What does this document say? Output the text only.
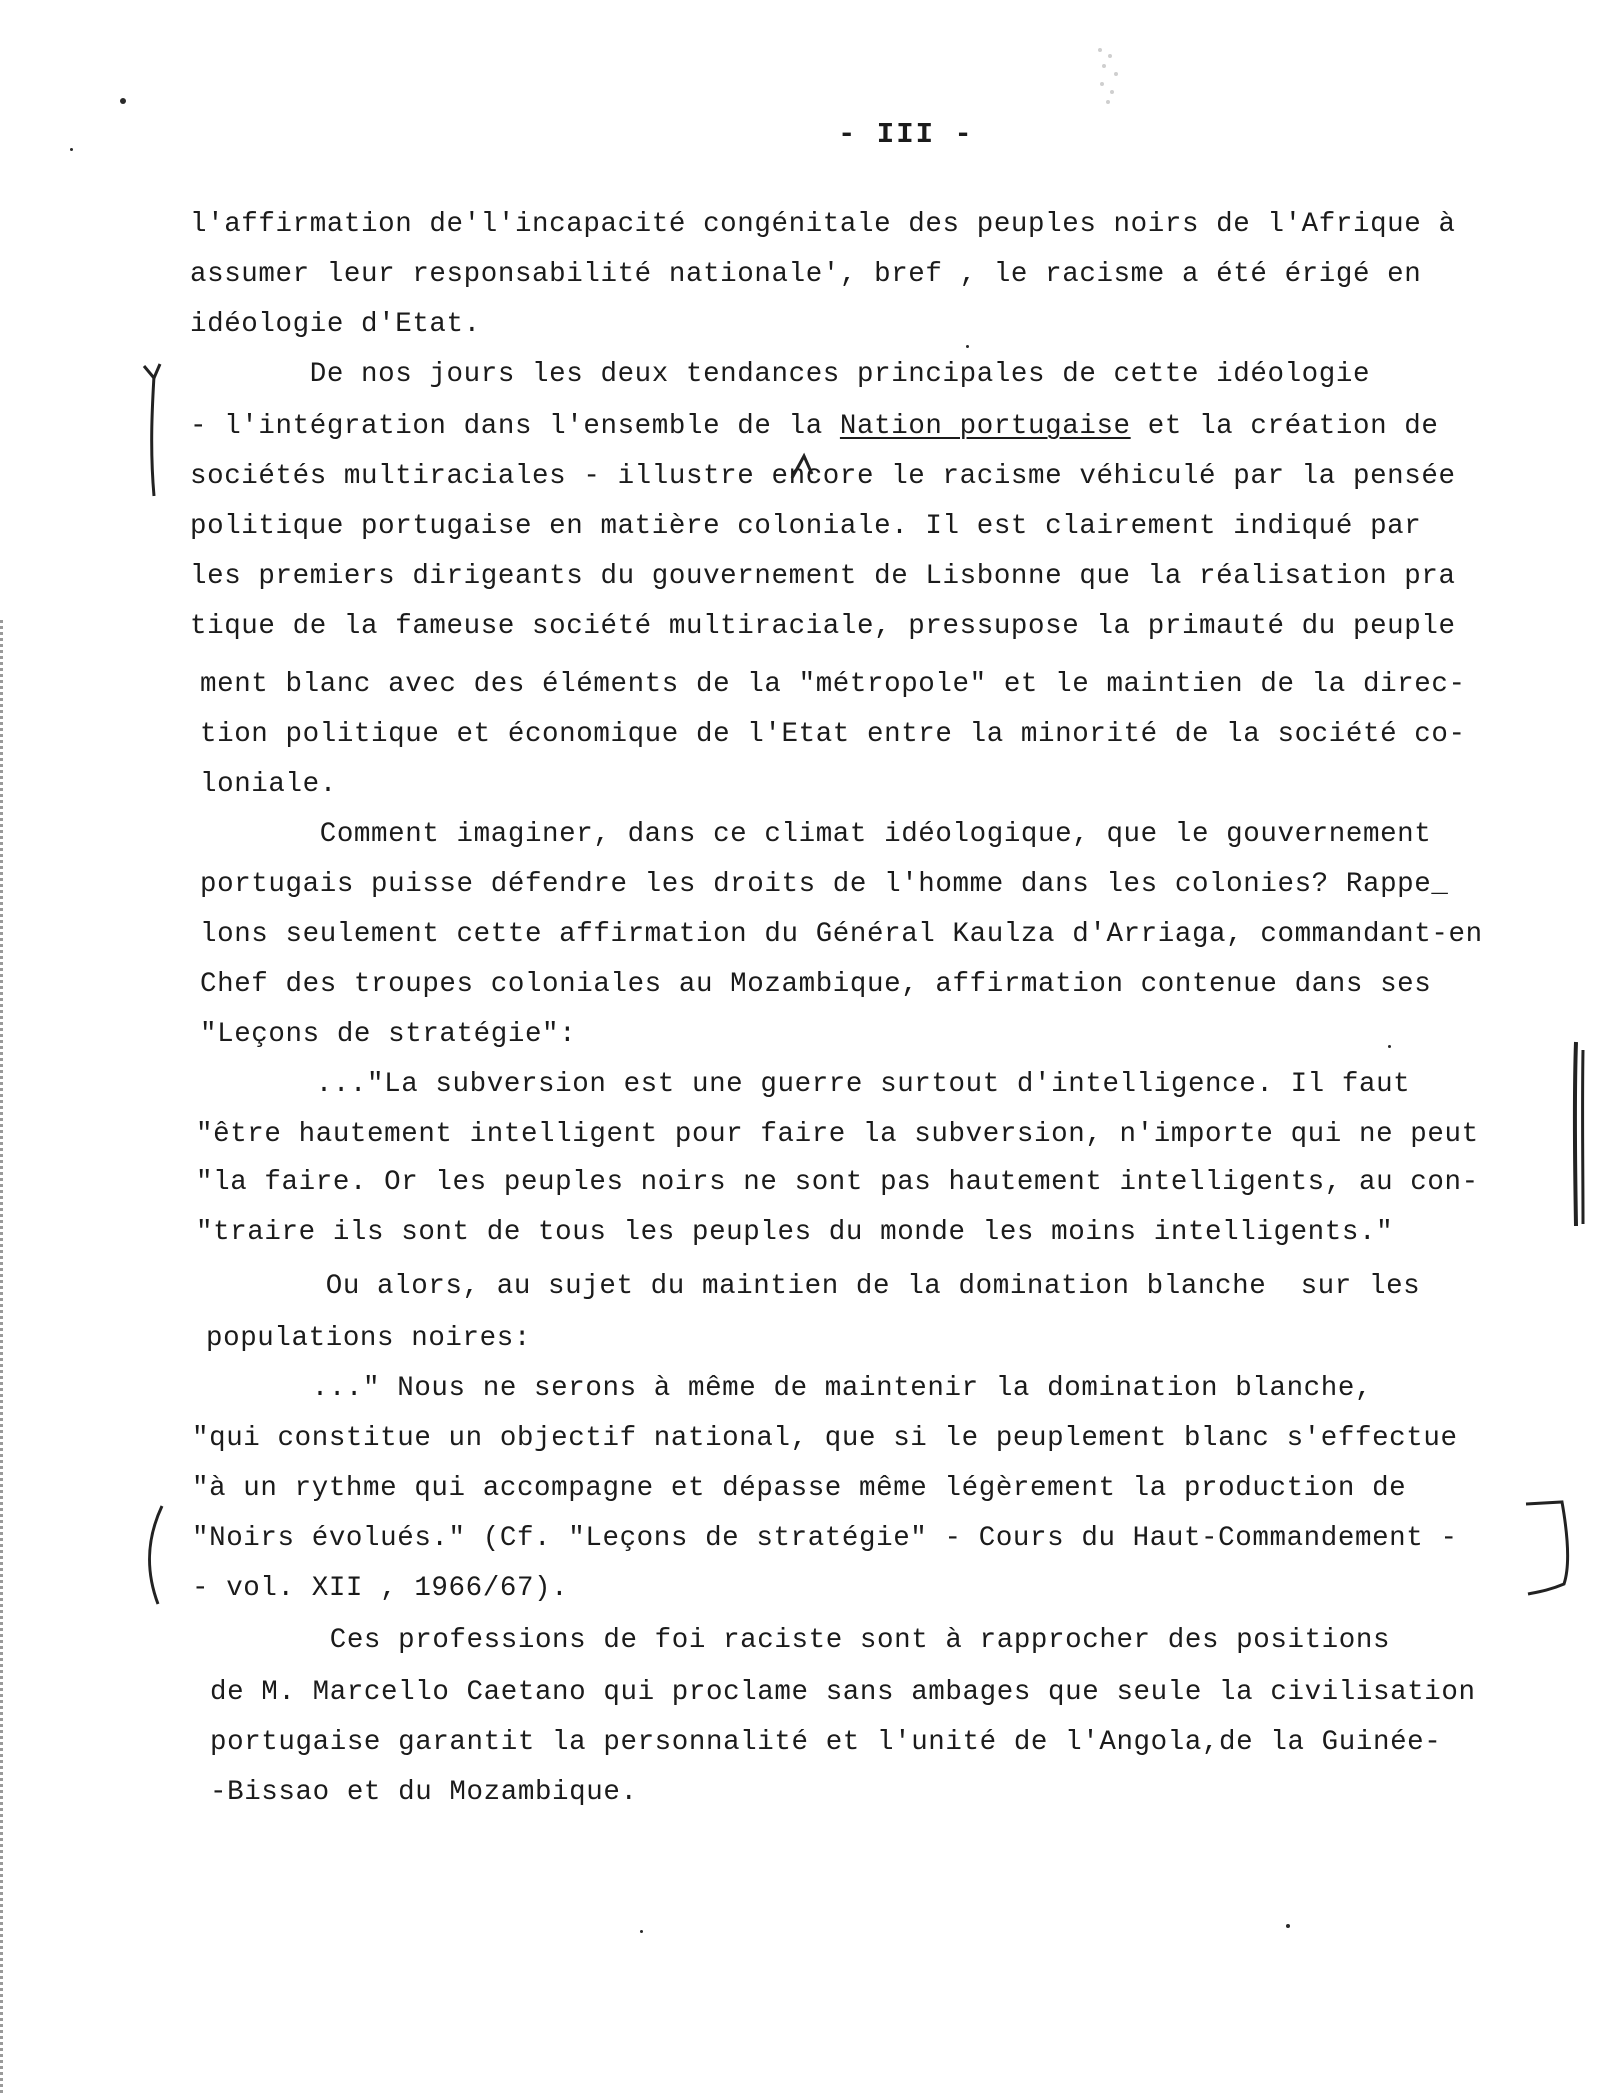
- III -
l'affirmation de'l'incapacité congénitale des peuples noirs de l'Afrique à
assumer leur responsabilité nationale', bref , le racisme a été érigé en
idéologie d'Etat.
De nos jours les deux tendances principales de cette idéologie
- l'intégration dans l'ensemble de la Nation portugaise et la création de
sociétés multiraciales - illustre encore le racisme véhiculé par la pensée
politique portugaise en matière coloniale. Il est clairement indiqué par
les premiers dirigeants du gouvernement de Lisbonne que la réalisation pra
tique de la fameuse société multiraciale, pressupose la primauté du peuple
ment blanc avec des éléments de la "métropole" et le maintien de la direc-
tion politique et économique de l'Etat entre la minorité de la société co-
loniale.
Comment imaginer, dans ce climat idéologique, que le gouvernement
portugais puisse défendre les droits de l'homme dans les colonies? Rappe_
lons seulement cette affirmation du Général Kaulza d'Arriaga, commandant-en
Chef des troupes coloniales au Mozambique, affirmation contenue dans ses
"Leçons de stratégie":
..."La subversion est une guerre surtout d'intelligence. Il faut
"être hautement intelligent pour faire la subversion, n'importe qui ne peut
"la faire. Or les peuples noirs ne sont pas hautement intelligents, au con-
"traire ils sont de tous les peuples du monde les moins intelligents."
Ou alors, au sujet du maintien de la domination blanche  sur les
populations noires:
..." Nous ne serons à même de maintenir la domination blanche,
"qui constitue un objectif national, que si le peuplement blanc s'effectue
"à un rythme qui accompagne et dépasse même légèrement la production de
"Noirs évolués." (Cf. "Leçons de stratégie" - Cours du Haut-Commandement -
- vol. XII , 1966/67).
Ces professions de foi raciste sont à rapprocher des positions
de M. Marcello Caetano qui proclame sans ambages que seule la civilisation
portugaise garantit la personnalité et l'unité de l'Angola,de la Guinée-
-Bissao et du Mozambique.
